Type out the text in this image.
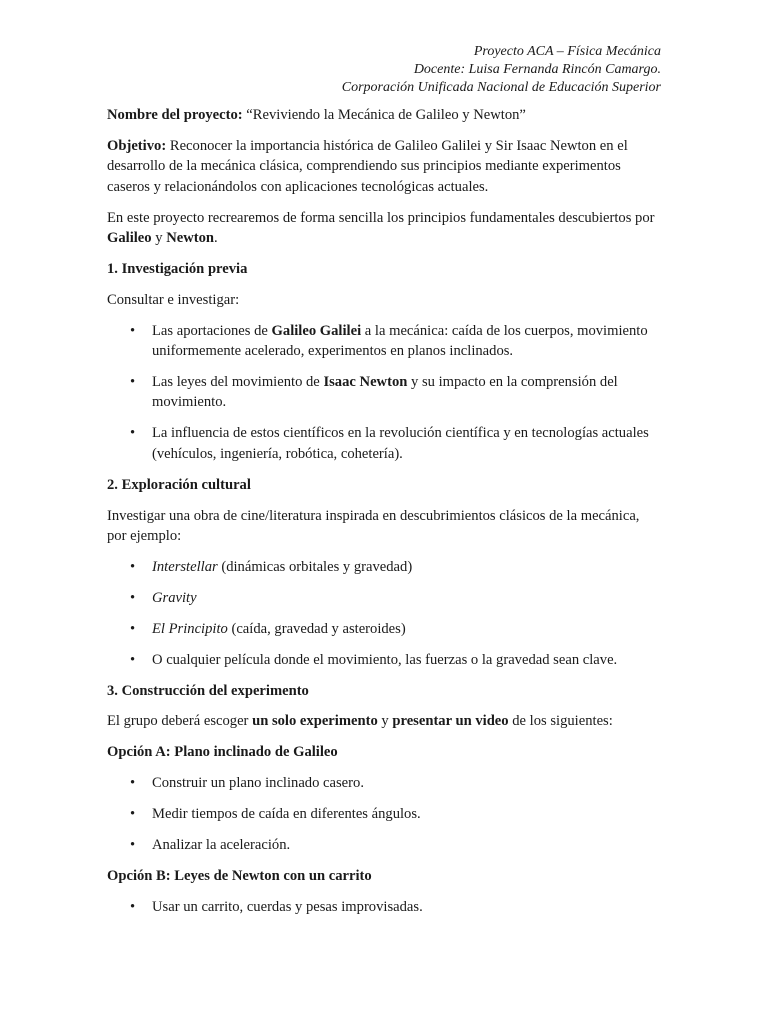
Proyecto ACA – Física Mecánica
Docente: Luisa Fernanda Rincón Camargo.
Corporación Unificada Nacional de Educación Superior

Nombre del proyecto: “Reviviendo la Mecánica de Galileo y Newton”

Objetivo: Reconocer la importancia histórica de Galileo Galilei y Sir Isaac Newton en el desarrollo de la mecánica clásica, comprendiendo sus principios mediante experimentos caseros y relacionándolos con aplicaciones tecnológicas actuales.

En este proyecto recrearemos de forma sencilla los principios fundamentales descubiertos por Galileo y Newton.

1. Investigación previa

Consultar e investigar:

• Las aportaciones de Galileo Galilei a la mecánica: caída de los cuerpos, movimiento uniformemente acelerado, experimentos en planos inclinados.
• Las leyes del movimiento de Isaac Newton y su impacto en la comprensión del movimiento.
• La influencia de estos científicos en la revolución científica y en tecnologías actuales (vehículos, ingeniería, robótica, cohetería).
2. Exploración cultural

Investigar una obra de cine/literatura inspirada en descubrimientos clásicos de la mecánica, por ejemplo:

• Interstellar (dinámicas orbitales y gravedad)
• Gravity
• El Principito (caída, gravedad y asteroides)
• O cualquier película donde el movimiento, las fuerzas o la gravedad sean clave.
3. Construcción del experimento

El grupo deberá escoger un solo experimento y presentar un video de los siguientes:

Opción A: Plano inclinado de Galileo
• Construir un plano inclinado casero.
• Medir tiempos de caída en diferentes ángulos.
• Analizar la aceleración.
Opción B: Leyes de Newton con un carrito
• Usar un carrito, cuerdas y pesas improvisadas.
